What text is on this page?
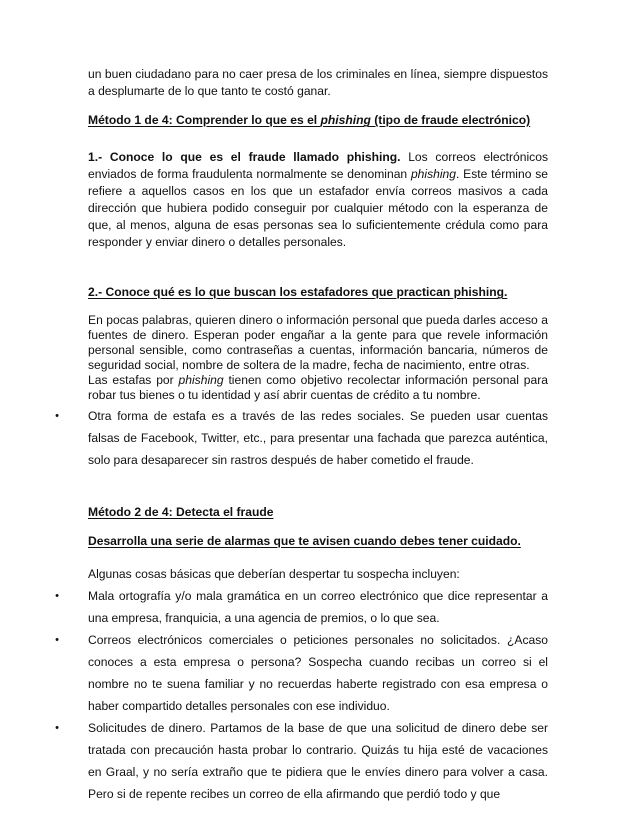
un buen ciudadano para no caer presa de los criminales en línea, siempre dispuestos a desplumarte de lo que tanto te costó ganar.

Método 1 de 4: Comprender lo que es el phishing (tipo de fraude electrónico)

1.- Conoce lo que es el fraude llamado phishing. Los correos electrónicos enviados de forma fraudulenta normalmente se denominan phishing. Este término se refiere a aquellos casos en los que un estafador envía correos masivos a cada dirección que hubiera podido conseguir por cualquier método con la esperanza de que, al menos, alguna de esas personas sea lo suficientemente crédula como para responder y enviar dinero o detalles personales.

2.- Conoce qué es lo que buscan los estafadores que practican phishing.

En pocas palabras, quieren dinero o información personal que pueda darles acceso a fuentes de dinero. Esperan poder engañar a la gente para que revele información personal sensible, como contraseñas a cuentas, información bancaria, números de seguridad social, nombre de soltera de la madre, fecha de nacimiento, entre otras.

Las estafas por phishing tienen como objetivo recolectar información personal para robar tus bienes o tu identidad y así abrir cuentas de crédito a tu nombre.

•	Otra forma de estafa es a través de las redes sociales. Se pueden usar cuentas falsas de Facebook, Twitter, etc., para presentar una fachada que parezca auténtica, solo para desaparecer sin rastros después de haber cometido el fraude.

Método 2 de 4: Detecta el fraude

Desarrolla una serie de alarmas que te avisen cuando debes tener cuidado.

Algunas cosas básicas que deberían despertar tu sospecha incluyen:

•	Mala ortografía y/o mala gramática en un correo electrónico que dice representar a una empresa, franquicia, a una agencia de premios, o lo que sea.

•	Correos electrónicos comerciales o peticiones personales no solicitados. ¿Acaso conoces a esta empresa o persona? Sospecha cuando recibas un correo si el nombre no te suena familiar y no recuerdas haberte registrado con esa empresa o haber compartido detalles personales con ese individuo.

•	Solicitudes de dinero. Partamos de la base de que una solicitud de dinero debe ser tratada con precaución hasta probar lo contrario. Quizás tu hija esté de vacaciones en Graal, y no sería extraño que te pidiera que le envíes dinero para volver a casa. Pero si de repente recibes un correo de ella afirmando que perdió todo y que
